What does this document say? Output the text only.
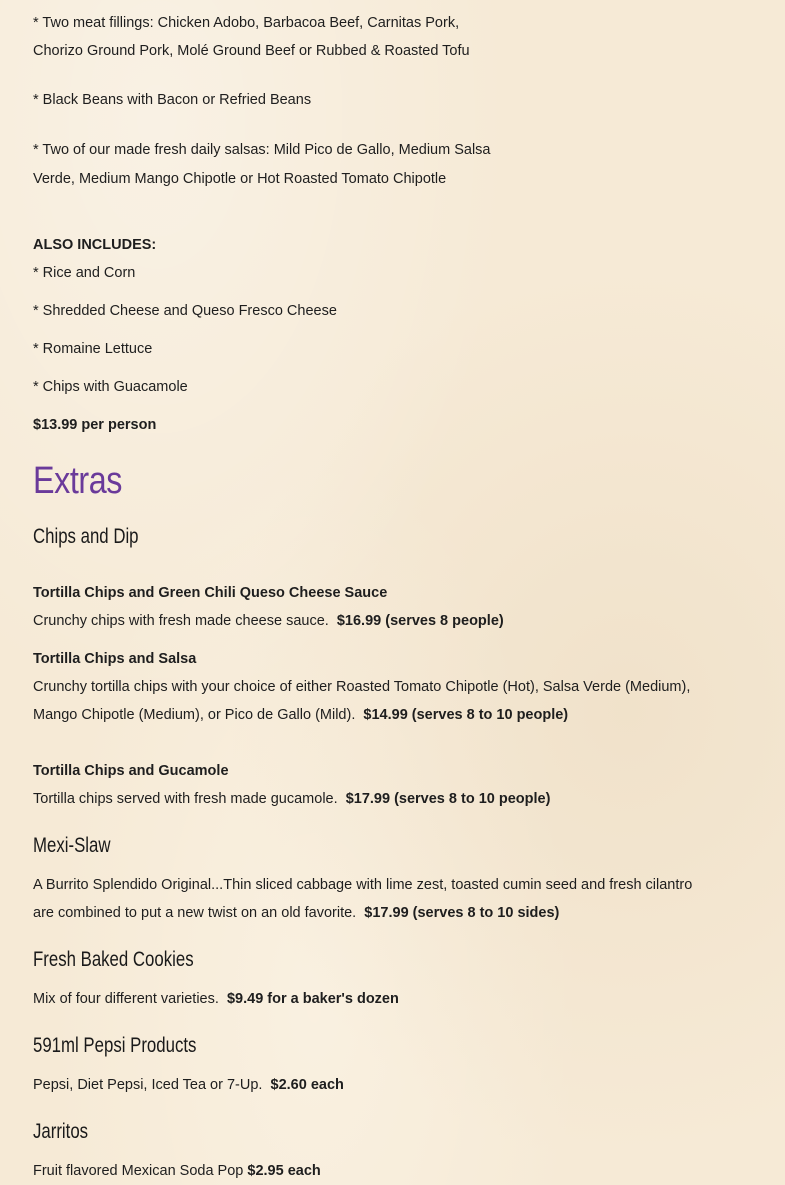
* Two meat fillings: Chicken Adobo, Barbacoa Beef, Carnitas Pork,
Chorizo Ground Pork, Molé Ground Beef or Rubbed & Roasted Tofu
* Black Beans with Bacon or Refried Beans
* Two of our made fresh daily salsas: Mild Pico de Gallo, Medium Salsa
Verde, Medium Mango Chipotle or Hot Roasted Tomato Chipotle
ALSO INCLUDES:
* Rice and Corn
* Shredded Cheese and Queso Fresco Cheese
* Romaine Lettuce
* Chips with Guacamole
$13.99 per person
Extras
Chips and Dip
Tortilla Chips and Green Chili Queso Cheese Sauce
Crunchy chips with fresh made cheese sauce. $16.99 (serves 8 people)
Tortilla Chips and Salsa
Crunchy tortilla chips with your choice of either Roasted Tomato Chipotle (Hot), Salsa Verde (Medium),
Mango Chipotle (Medium), or Pico de Gallo (Mild). $14.99 (serves 8 to 10 people)
Tortilla Chips and Gucamole
Tortilla chips served with fresh made gucamole. $17.99 (serves 8 to 10 people)
Mexi-Slaw
A Burrito Splendido Original...Thin sliced cabbage with lime zest, toasted cumin seed and fresh cilantro
are combined to put a new twist on an old favorite. $17.99 (serves 8 to 10 sides)
Fresh Baked Cookies
Mix of four different varieties. $9.49 for a baker's dozen
591ml Pepsi Products
Pepsi, Diet Pepsi, Iced Tea or 7-Up. $2.60 each
Jarritos
Fruit flavored Mexican Soda Pop $2.95 each
